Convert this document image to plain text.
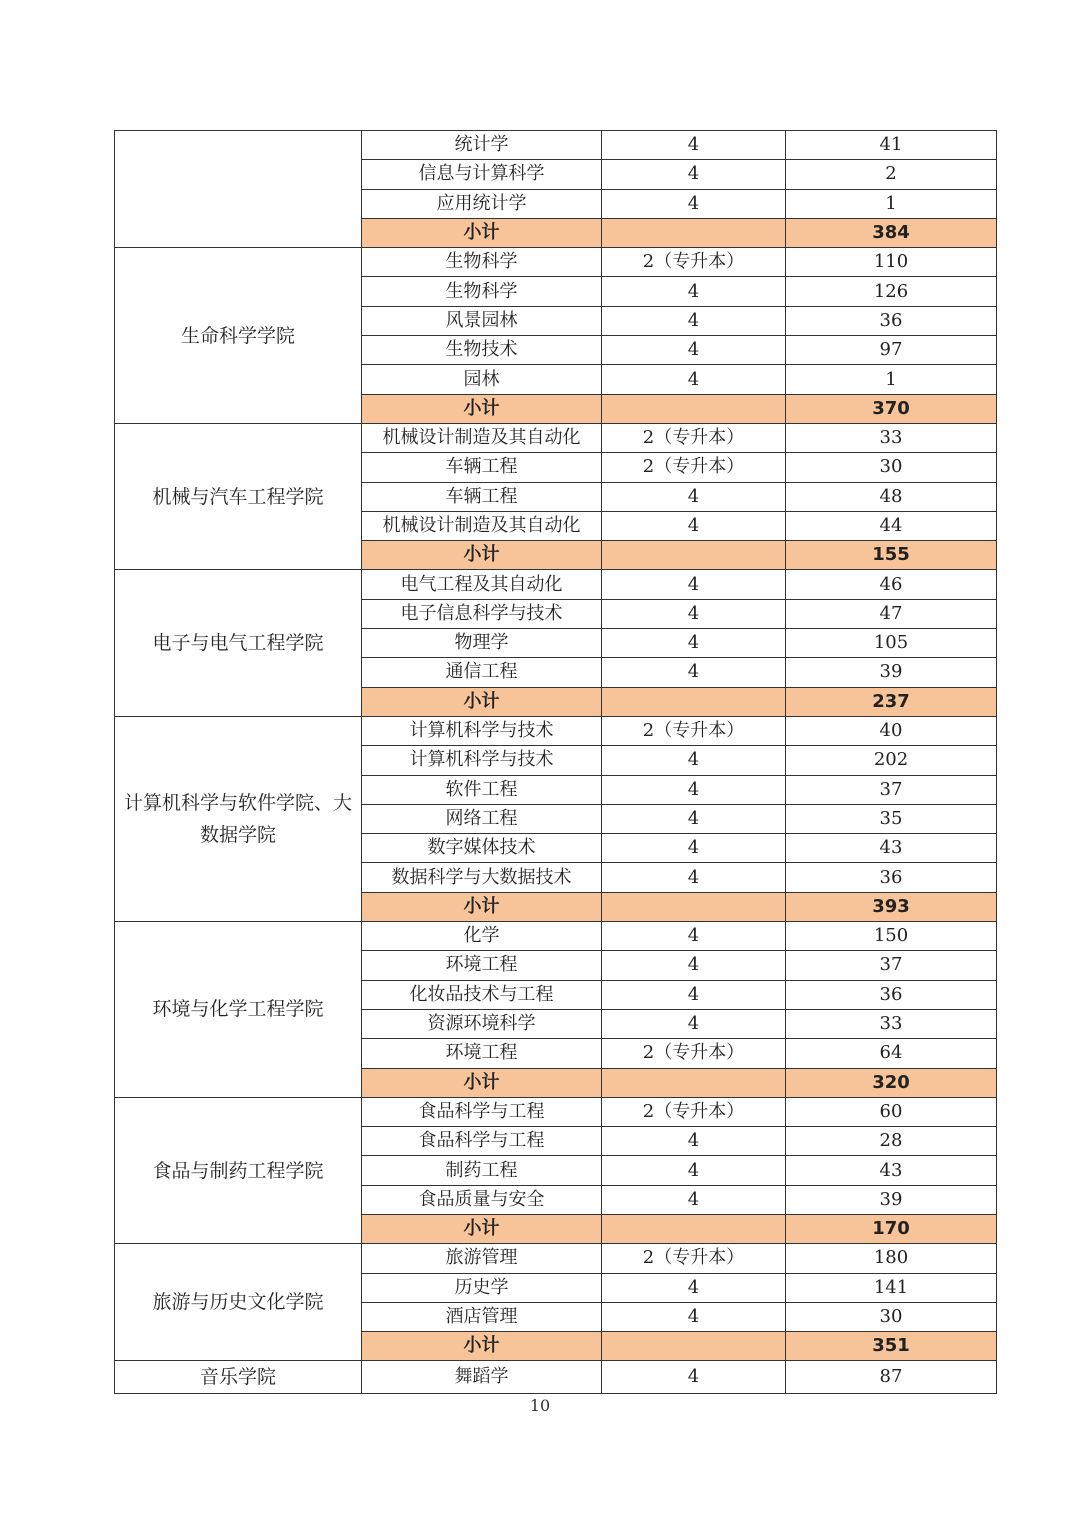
	统计学	4	41
	信息与计算科学	4	2
	应用统计学	4	1
	小计		384
生命科学学院	生物科学	2（专升本）	110
	生物科学	4	126
	风景园林	4	36
	生物技术	4	97
	园林	4	1
	小计		370
机械与汽车工程学院	机械设计制造及其自动化	2（专升本）	33
	车辆工程	2（专升本）	30
	车辆工程	4	48
	机械设计制造及其自动化	4	44
	小计		155
电子与电气工程学院	电气工程及其自动化	4	46
	电子信息科学与技术	4	47
	物理学	4	105
	通信工程	4	39
	小计		237
计算机科学与软件学院、大数据学院	计算机科学与技术	2（专升本）	40
	计算机科学与技术	4	202
	软件工程	4	37
	网络工程	4	35
	数字媒体技术	4	43
	数据科学与大数据技术	4	36
	小计		393
环境与化学工程学院	化学	4	150
	环境工程	4	37
	化妆品技术与工程	4	36
	资源环境科学	4	33
	环境工程	2（专升本）	64
	小计		320
食品与制药工程学院	食品科学与工程	2（专升本）	60
	食品科学与工程	4	28
	制药工程	4	43
	食品质量与安全	4	39
	小计		170
旅游与历史文化学院	旅游管理	2（专升本）	180
	历史学	4	141
	酒店管理	4	30
	小计		351
音乐学院	舞蹈学	4	87
10
